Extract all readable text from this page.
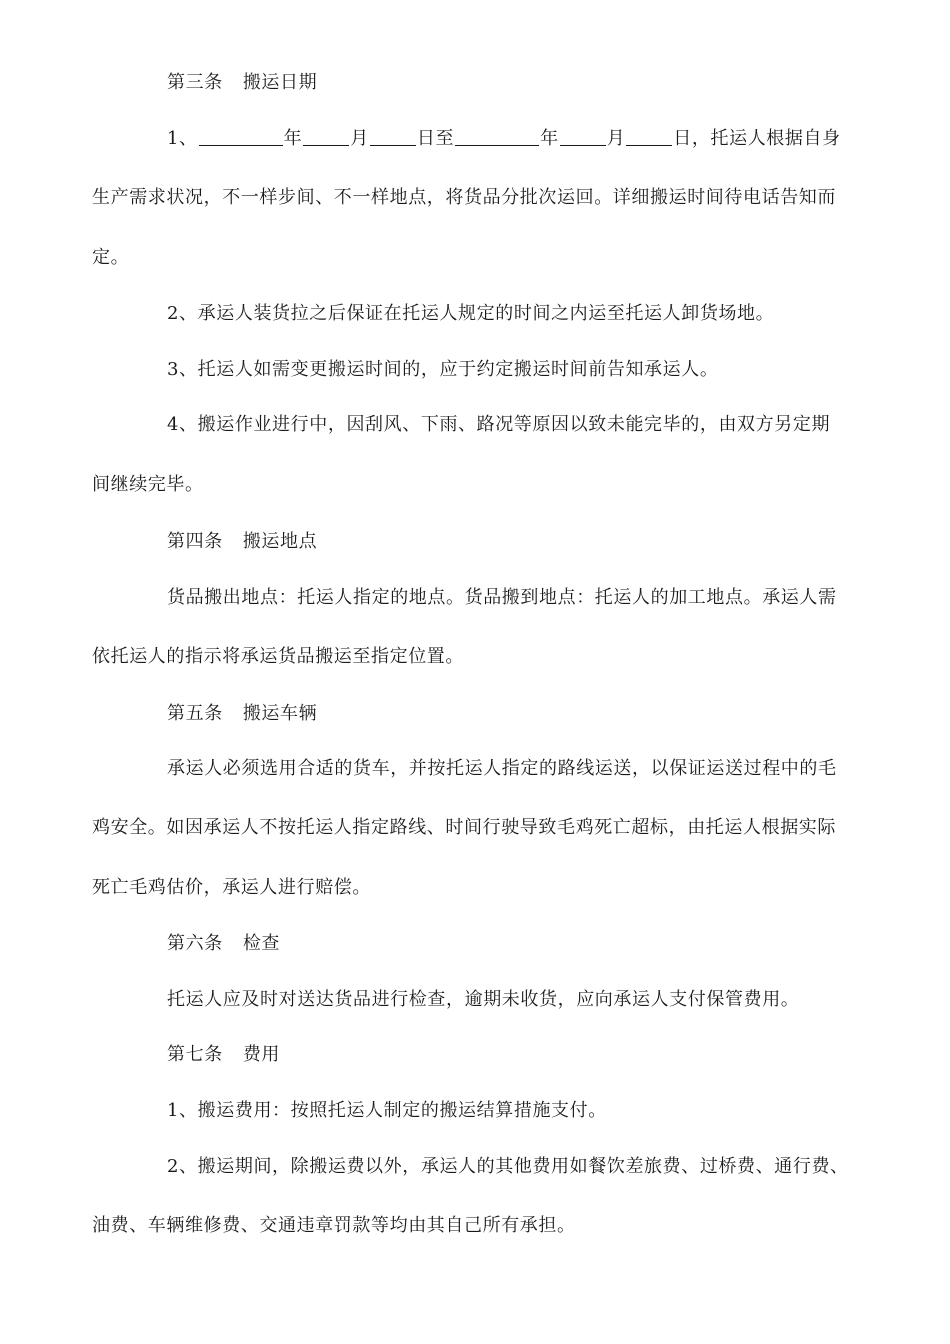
第三条 搬运日期

1、	年	月	日至	年	月	日，托运人根据自身

生产需求状况，不一样步间、不一样地点，将货品分批次运回。详细搬运时间待电话告知而

定。

2、承运人装货拉之后保证在托运人规定的时间之内运至托运人卸货场地。

3、托运人如需变更搬运时间的，应于约定搬运时间前告知承运人。

4、搬运作业进行中，因刮风、下雨、路况等原因以致未能完毕的，由双方另定期

间继续完毕。

第四条 搬运地点

货品搬出地点：托运人指定的地点。货品搬到地点：托运人的加工地点。承运人需

依托运人的指示将承运货品搬运至指定位置。

第五条 搬运车辆

承运人必须选用合适的货车，并按托运人指定的路线运送，以保证运送过程中的毛

鸡安全。如因承运人不按托运人指定路线、时间行驶导致毛鸡死亡超标，由托运人根据实际

死亡毛鸡估价，承运人进行赔偿。

第六条 检查

托运人应及时对送达货品进行检查，逾期未收货，应向承运人支付保管费用。

第七条 费用

1、搬运费用：按照托运人制定的搬运结算措施支付。

2、搬运期间，除搬运费以外，承运人的其他费用如餐饮差旅费、过桥费、通行费、

油费、车辆维修费、交通违章罚款等均由其自己所有承担。
